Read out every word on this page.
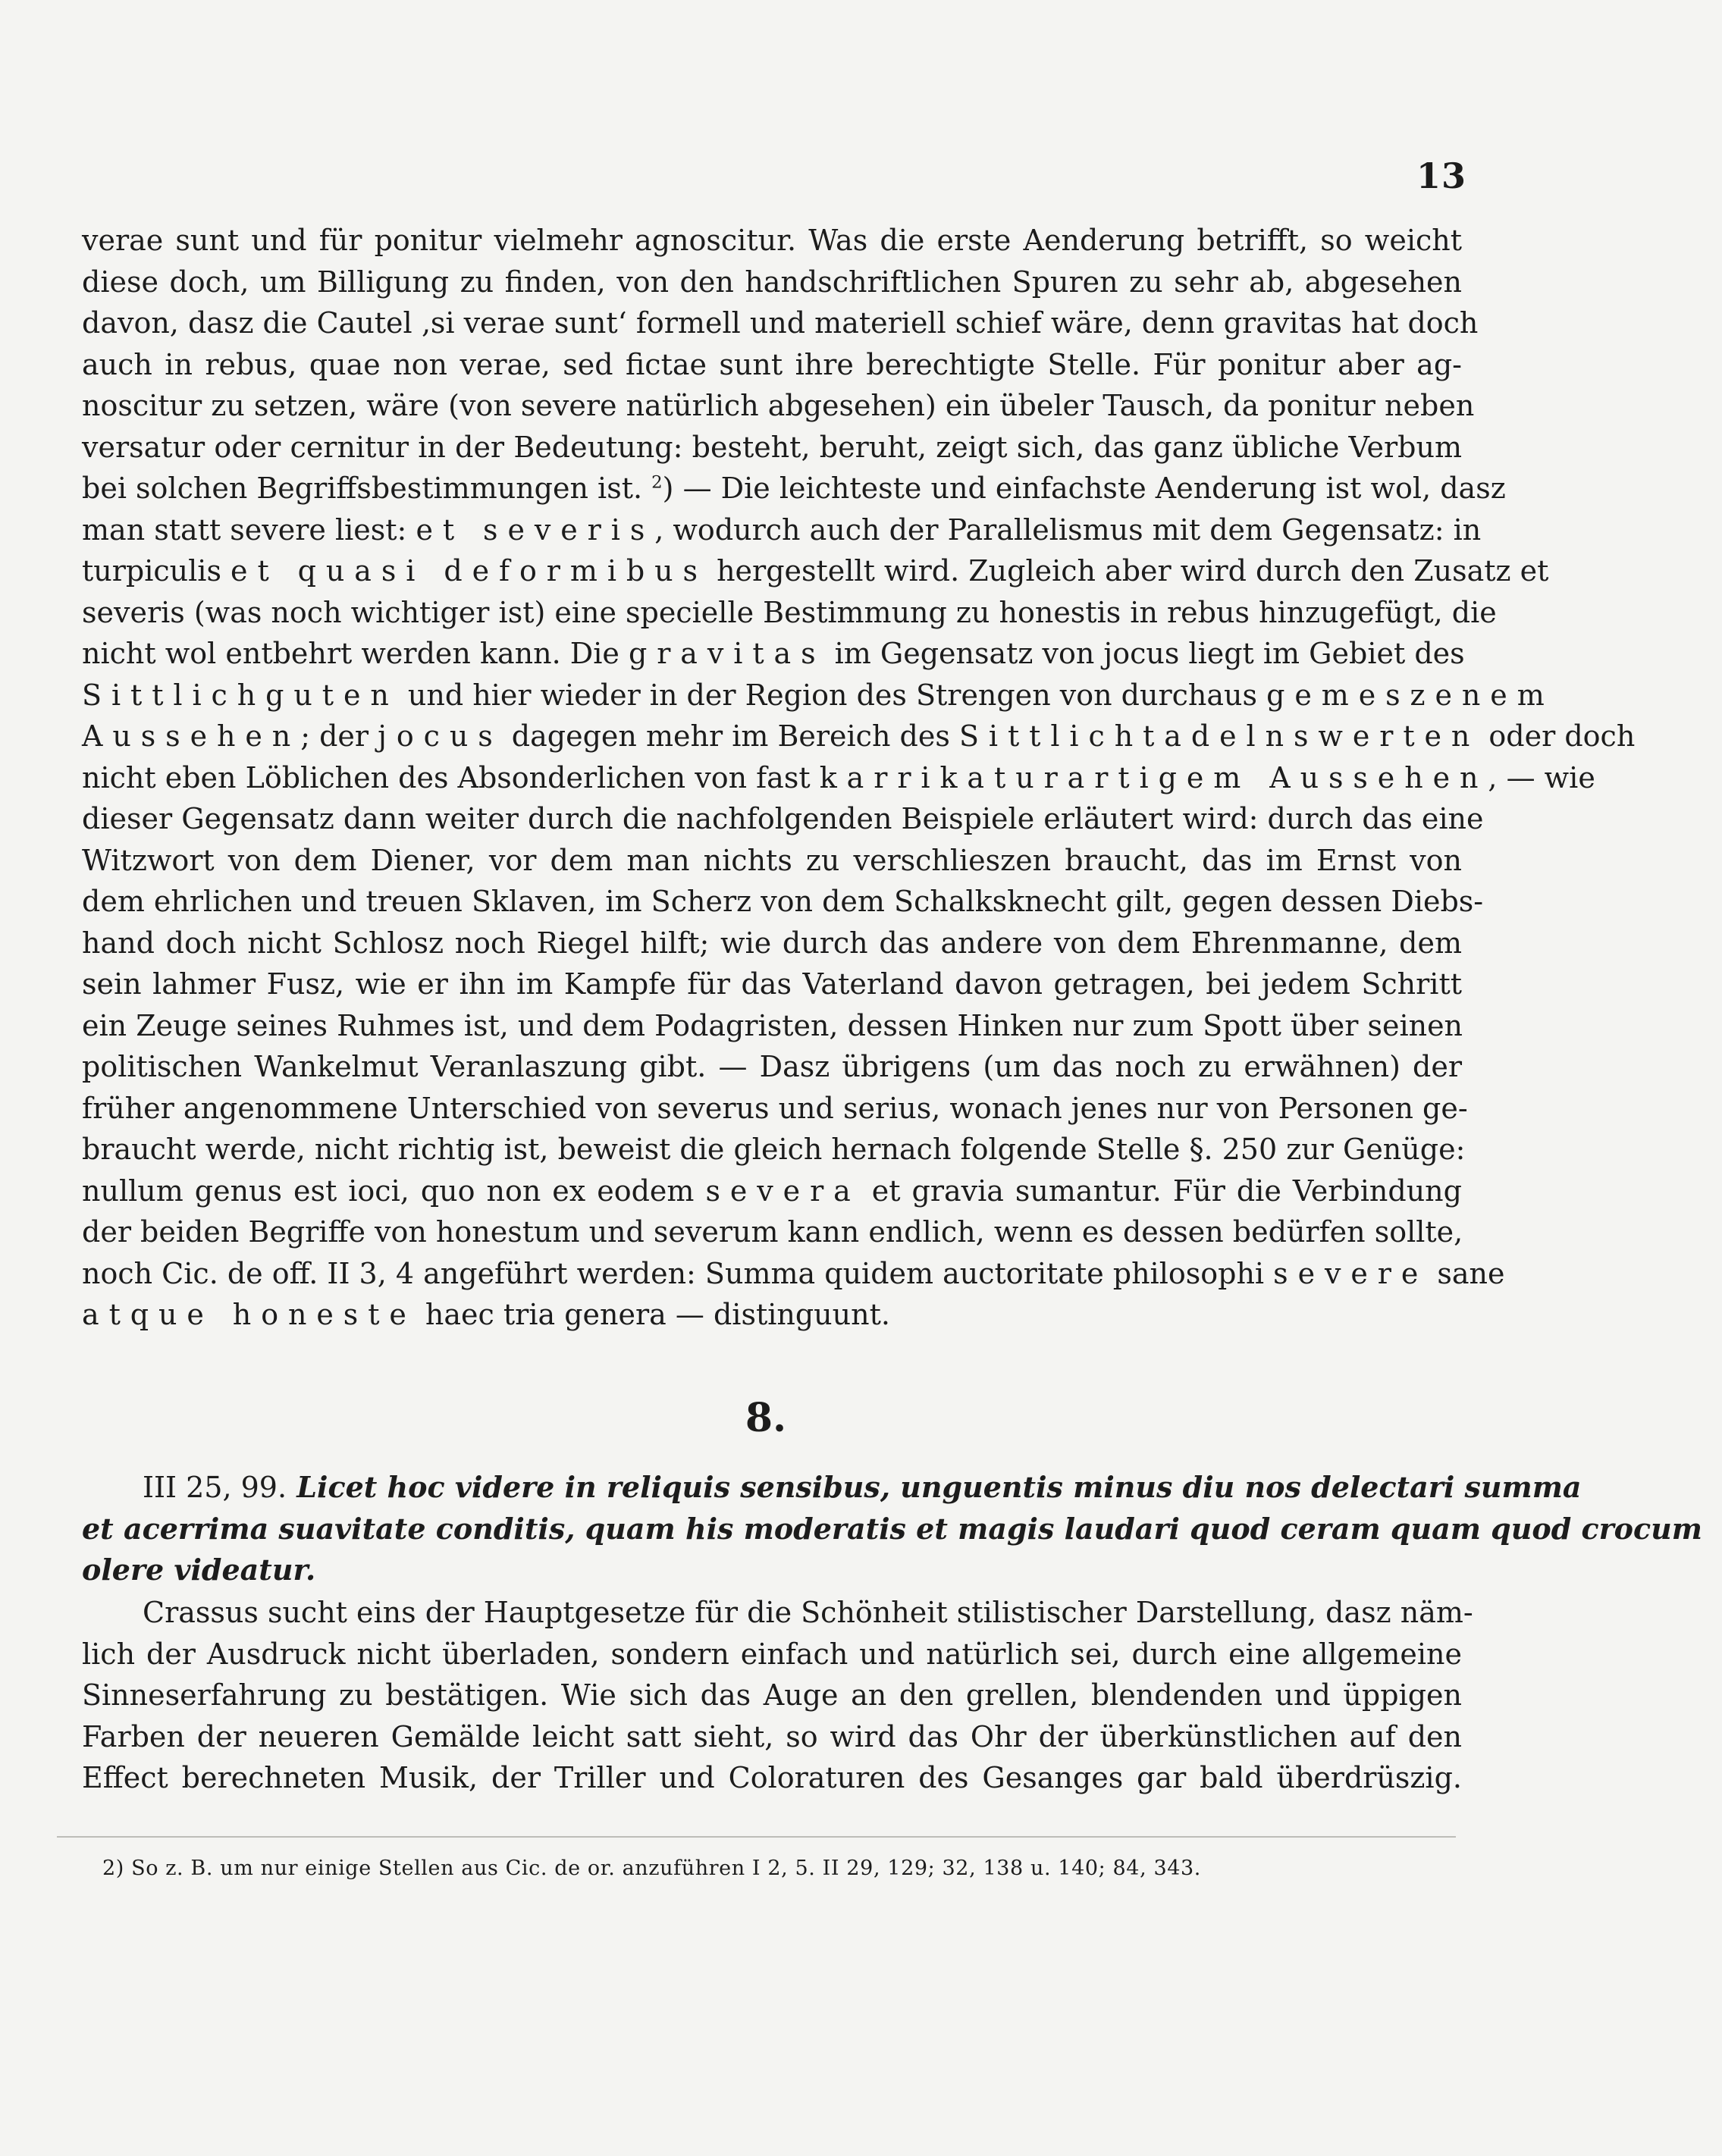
13
verae sunt und für ponitur vielmehr agnoscitur. Was die erste Aenderung betrifft, so weicht
diese doch, um Billigung zu finden, von den handschriftlichen Spuren zu sehr ab, abgesehen
davon, dasz die Cautel ‚si verae sunt‘ formell und materiell schief wäre, denn gravitas hat doch
auch in rebus, quae non verae, sed fictae sunt ihre berechtigte Stelle. Für ponitur aber ag-
noscitur zu setzen, wäre (von severe natürlich abgesehen) ein übeler Tausch, da ponitur neben
versatur oder cernitur in der Bedeutung: besteht, beruht, zeigt sich, das ganz übliche Verbum
bei solchen Begriffsbestimmungen ist. $^2$) — Die leichteste und einfachste Aenderung ist wol, dasz
man statt severe liest: et severis, wodurch auch der Parallelismus mit dem Gegensatz: in
turpiculis et quasi deformibus hergestellt wird. Zugleich aber wird durch den Zusatz et
severis (was noch wichtiger ist) eine specielle Bestimmung zu honestis in rebus hinzugefügt, die
nicht wol entbehrt werden kann. Die gravitas im Gegensatz von jocus liegt im Gebiet des
Sittlichguten und hier wieder in der Region des Strengen von durchaus gemeszenem
Aussehen; der jocus dagegen mehr im Bereich des Sittlichtadelnswerten oder doch
nicht eben Löblichen des Absonderlichen von fast karrikaturartigem Aussehen, — wie
dieser Gegensatz dann weiter durch die nachfolgenden Beispiele erläutert wird: durch das eine
Witzwort von dem Diener, vor dem man nichts zu verschlieszen braucht, das im Ernst von
dem ehrlichen und treuen Sklaven, im Scherz von dem Schalksknecht gilt, gegen dessen Diebs-
hand doch nicht Schlosz noch Riegel hilft; wie durch das andere von dem Ehrenmanne, dem
sein lahmer Fusz, wie er ihn im Kampfe für das Vaterland davon getragen, bei jedem Schritt
ein Zeuge seines Ruhmes ist, und dem Podagristen, dessen Hinken nur zum Spott über seinen
politischen Wankelmut Veranlaszung gibt. — Dasz übrigens (um das noch zu erwähnen) der
früher angenommene Unterschied von severus und serius, wonach jenes nur von Personen ge-
braucht werde, nicht richtig ist, beweist die gleich hernach folgende Stelle §. 250 zur Genüge:
nullum genus est ioci, quo non ex eodem severa et gravia sumantur. Für die Verbindung
der beiden Begriffe von honestum und severum kann endlich, wenn es dessen bedürfen sollte,
noch Cic. de off. II 3, 4 angeführt werden: Summa quidem auctoritate philosophi severe sane
atque honeste haec tria genera — distinguunt.
8.
III 25, 99. Licet hoc videre in reliquis sensibus, unguentis minus diu nos delectari summa
et acerrima suavitate conditis, quam his moderatis et magis laudari quod ceram quam quod crocum
olere videatur.
Crassus sucht eins der Hauptgesetze für die Schönheit stilistischer Darstellung, dasz näm-
lich der Ausdruck nicht überladen, sondern einfach und natürlich sei, durch eine allgemeine
Sinneserfahrung zu bestätigen. Wie sich das Auge an den grellen, blendenden und üppigen
Farben der neueren Gemälde leicht satt sieht, so wird das Ohr der überkünstlichen auf den
Effect berechneten Musik, der Triller und Coloraturen des Gesanges gar bald überdrüszig.
2) So z. B. um nur einige Stellen aus Cic. de or. anzuführen I 2, 5. II 29, 129; 32, 138 u. 140; 84, 343.
